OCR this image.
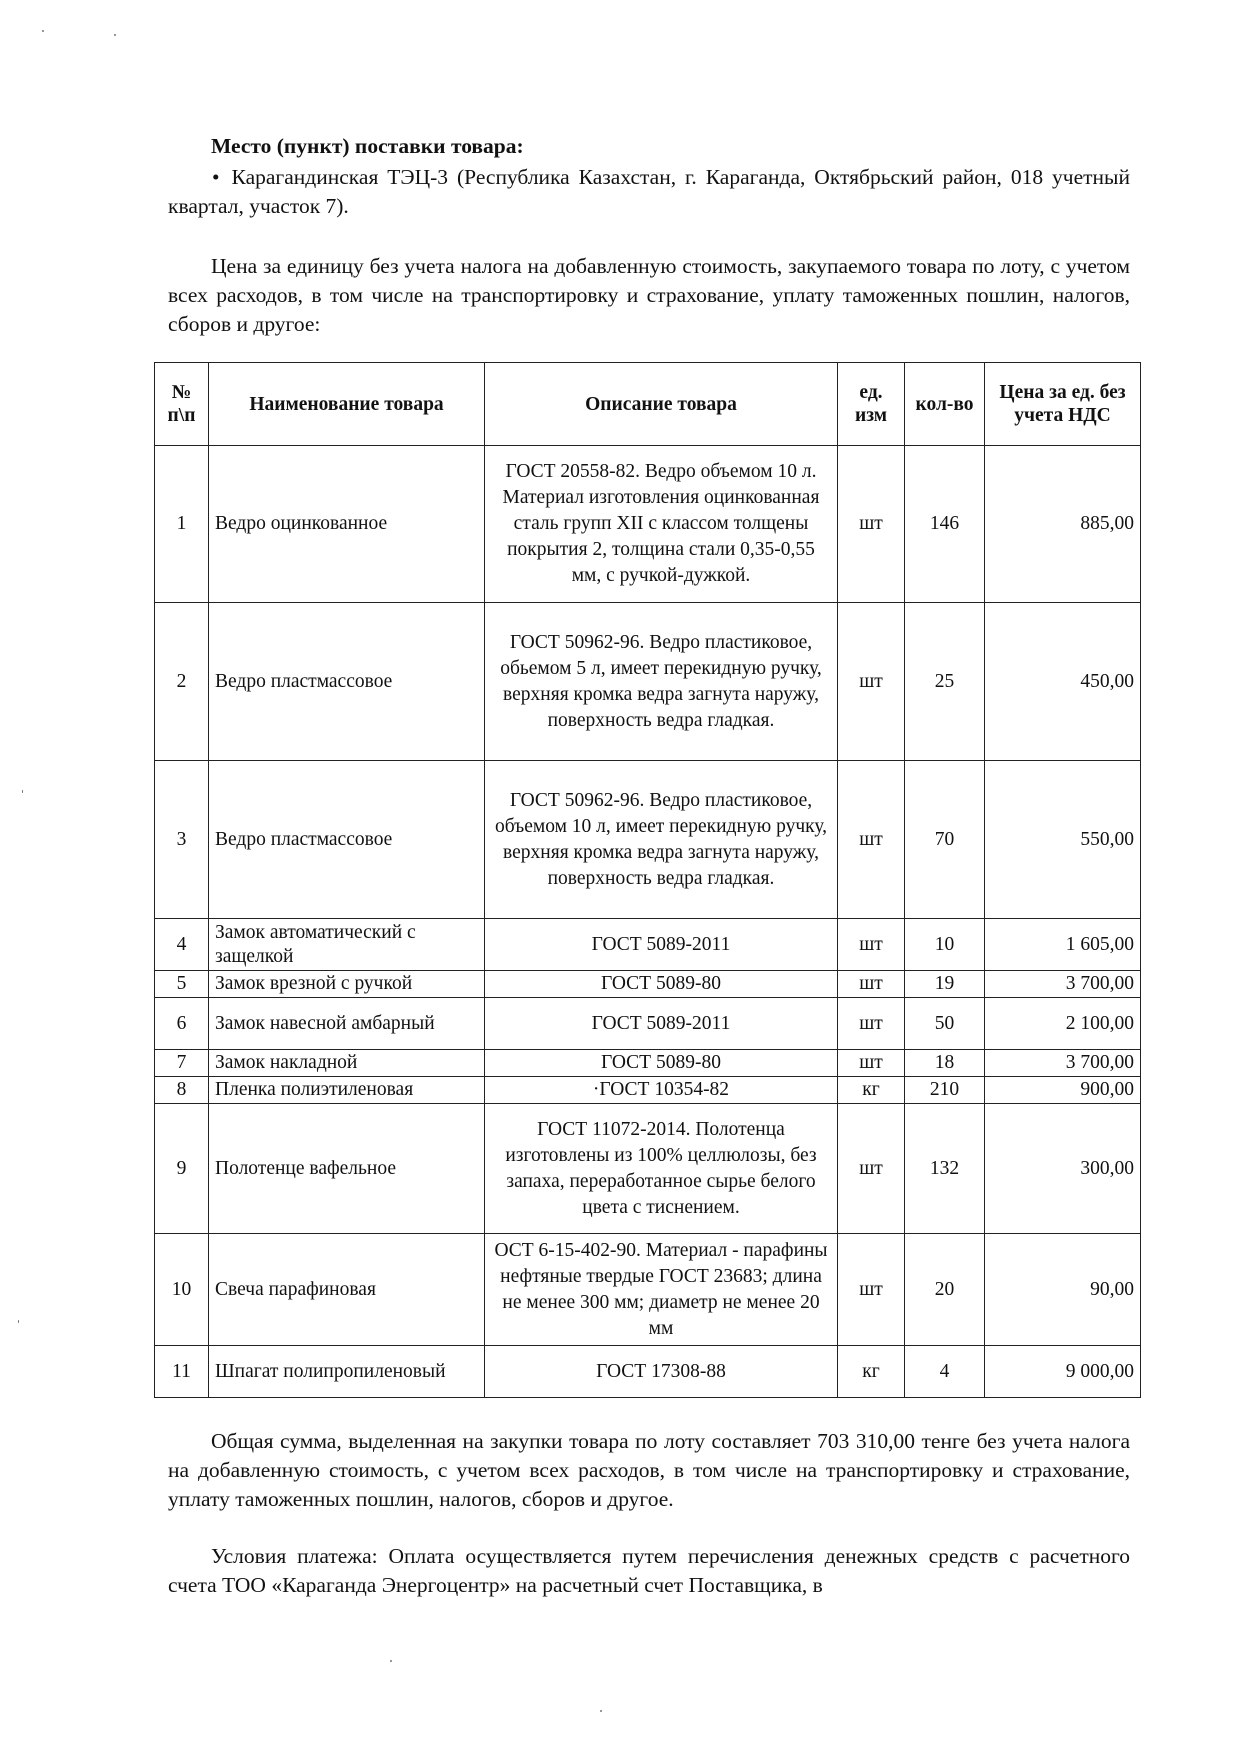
Место (пункт) поставки товара:
• Карагандинская ТЭЦ-3 (Республика Казахстан, г. Караганда, Октябрьский район, 018 учетный квартал, участок 7).
Цена за единицу без учета налога на добавленную стоимость, закупаемого товара по лоту, с учетом всех расходов, в том числе на транспортировку и страхование, уплату таможенных пошлин, налогов, сборов и другое:
№ п\п	Наименование товара	Описание товара	ед. изм	кол-во	Цена за ед. без учета НДС
1	Ведро оцинкованное	ГОСТ 20558-82. Ведро объемом 10 л. Материал изготовления оцинкованная сталь групп XII с классом толщены покрытия 2, толщина стали 0,35-0,55 мм, с ручкой-дужкой.	шт	146	885,00
2	Ведро пластмассовое	ГОСТ 50962-96. Ведро пластиковое, обьемом 5 л, имеет перекидную ручку, верхняя кромка ведра загнута наружу, поверхность ведра гладкая.	шт	25	450,00
3	Ведро пластмассовое	ГОСТ 50962-96. Ведро пластиковое, объемом 10 л, имеет перекидную ручку, верхняя кромка ведра загнута наружу, поверхность ведра гладкая.	шт	70	550,00
4	Замок автоматический с защелкой	ГОСТ 5089-2011	шт	10	1 605,00
5	Замок врезной с ручкой	ГОСТ 5089-80	шт	19	3 700,00
6	Замок навесной амбарный	ГОСТ 5089-2011	шт	50	2 100,00
7	Замок накладной	ГОСТ 5089-80	шт	18	3 700,00
8	Пленка полиэтиленовая	·ГОСТ 10354-82	кг	210	900,00
9	Полотенце вафельное	ГОСТ 11072-2014. Полотенца изготовлены из 100% целлюлозы, без запаха, переработанное сырье белого цвета с тиснением.	шт	132	300,00
10	Свеча парафиновая	ОСТ 6-15-402-90. Материал - парафины нефтяные твердые ГОСТ 23683; длина не менее 300 мм; диаметр не менее 20 мм	шт	20	90,00
11	Шпагат полипропиленовый	ГОСТ 17308-88	кг	4	9 000,00
Общая сумма, выделенная на закупки товара по лоту составляет 703 310,00 тенге без учета налога на добавленную стоимость, с учетом всех расходов, в том числе на транспортировку и страхование, уплату таможенных пошлин, налогов, сборов и другое.
Условия платежа: Оплата осуществляется путем перечисления денежных средств с расчетного счета ТОО «Караганда Энергоцентр» на расчетный счет Поставщика, в
